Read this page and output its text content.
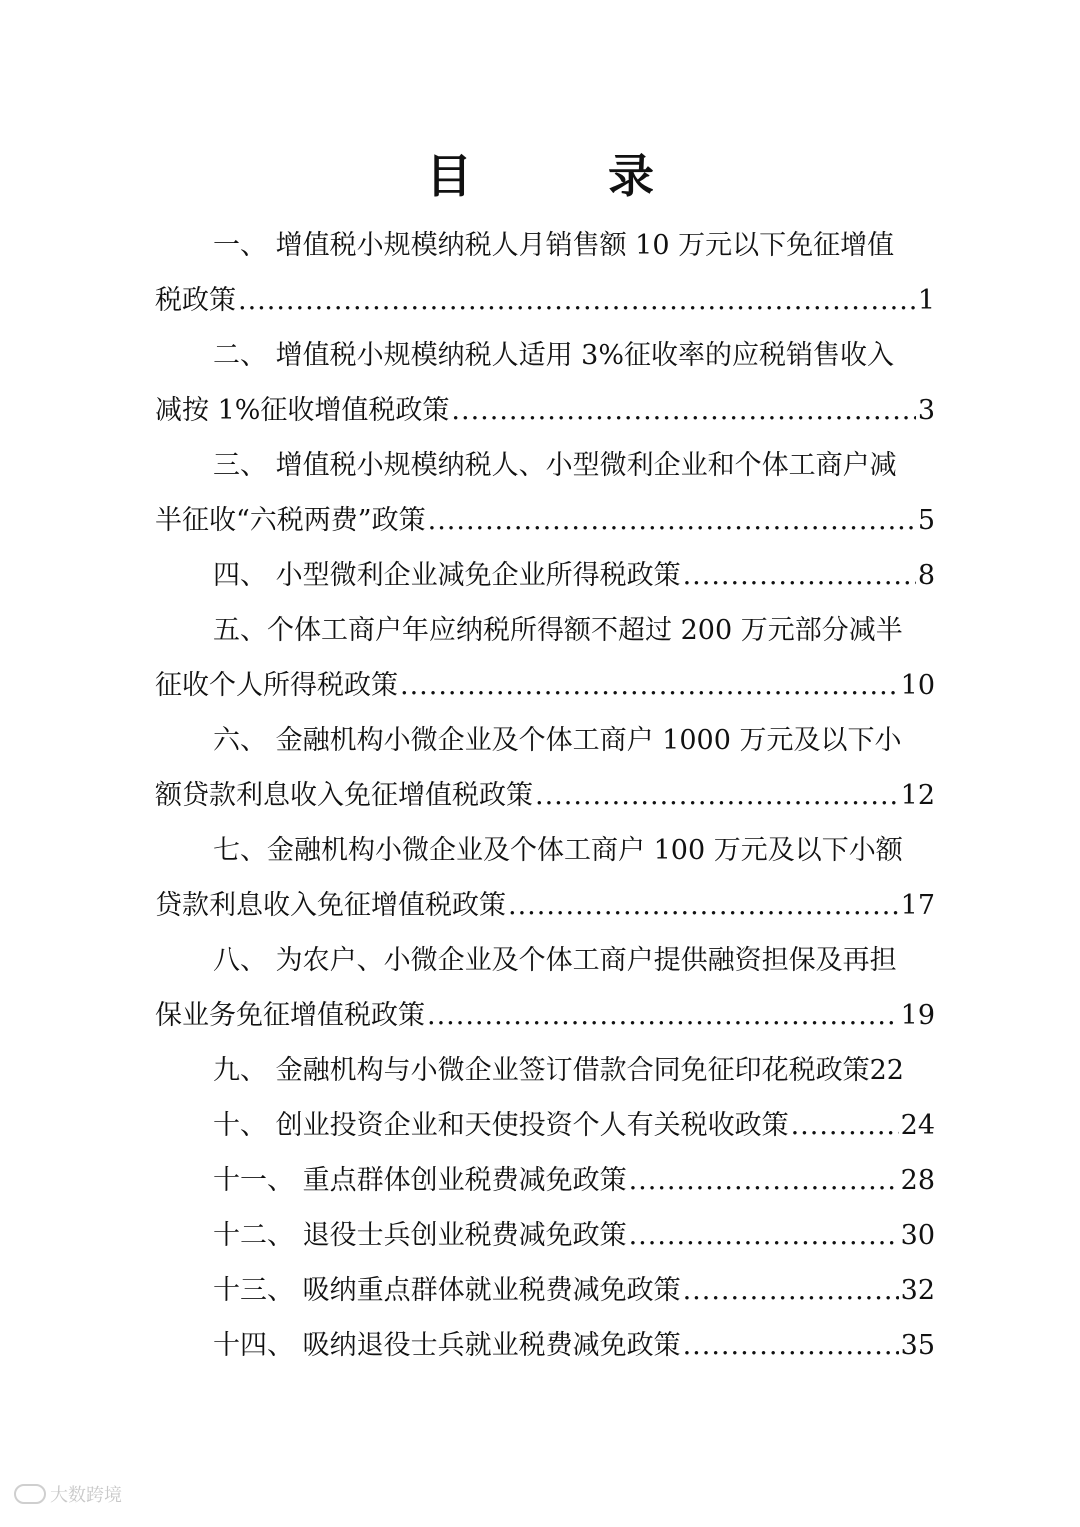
目 录
一、 增值税小规模纳税人月销售额 10 万元以下免征增值
税政策 .....	1
二、 增值税小规模纳税人适用 3%征收率的应税销售收入
减按 1%征收增值税政策 .....	3
三、 增值税小规模纳税人、小型微利企业和个体工商户减
半征收“六税两费”政策 .....	5
四、 小型微利企业减免企业所得税政策 .....	8
五、个体工商户年应纳税所得额不超过 200 万元部分减半
征收个人所得税政策 .....	10
六、 金融机构小微企业及个体工商户 1000 万元及以下小
额贷款利息收入免征增值税政策 .....	12
七、金融机构小微企业及个体工商户 100 万元及以下小额
贷款利息收入免征增值税政策 .....	17
八、 为农户、小微企业及个体工商户提供融资担保及再担
保业务免征增值税政策 .....	19
九、 金融机构与小微企业签订借款合同免征印花税政策22
十、 创业投资企业和天使投资个人有关税收政策 .....	24
十一、 重点群体创业税费减免政策 .....	28
十二、 退役士兵创业税费减免政策 .....	30
十三、 吸纳重点群体就业税费减免政策 .....	32
十四、 吸纳退役士兵就业税费减免政策 .....	35
大数跨境
